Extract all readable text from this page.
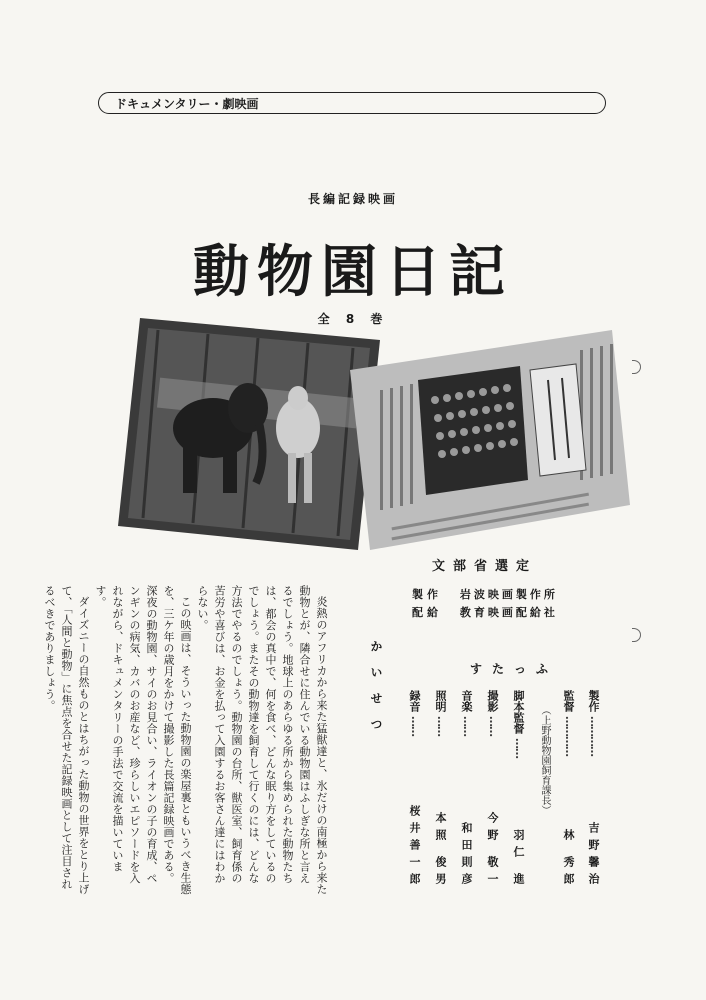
ドキュメンタリー・劇映画
長編記録映画
動物園日記
全 8 巻
文部省選定
製作 岩波映画製作所
配給 教育映画配給社

炎熱のアフリカから来た猛獣達と、氷だけの南極から来た動物とが、隣合せに住んでいる動物園はふしぎな所と言えるでしょう。地球上のあらゆる所から集められた動物たちは、都会の真中で、何を食べ、どんな眠り方をしているのでしょう。またその動物達を飼育して行くのには、どんな方法でやるのでしょう。動物園の台所、獣医室、飼育係の苦労や喜びは、お金を払って入園するお客さん達にはわからない。

この映画は、そういった動物園の楽屋裏ともいうべき生態を、三ケ年の歳月をかけて撮影した長篇記録映画である。深夜の動物園、サイのお見合い、ライオンの子の育成、ペンギンの病気、カバのお産など、珍らしいエピソードを入れながら、ドキュメンタリーの手法で交流を描いています。

ダイズニーの自然ものとはちがった動物の世界をとり上げて、「人間と動物」に焦点を合せた記録映画として注目されるべきでありましょう。	かいせつ	すたっふ
製作
…………
吉野馨治
監督
…………
林 秀郎
（上野動物園飼育課長）
脚本監督
……
羽仁 進
撮影
……
今野 敬一
音楽
……
和田則彦
照明
……
本照 俊男
録音
……
桜井善一郎
